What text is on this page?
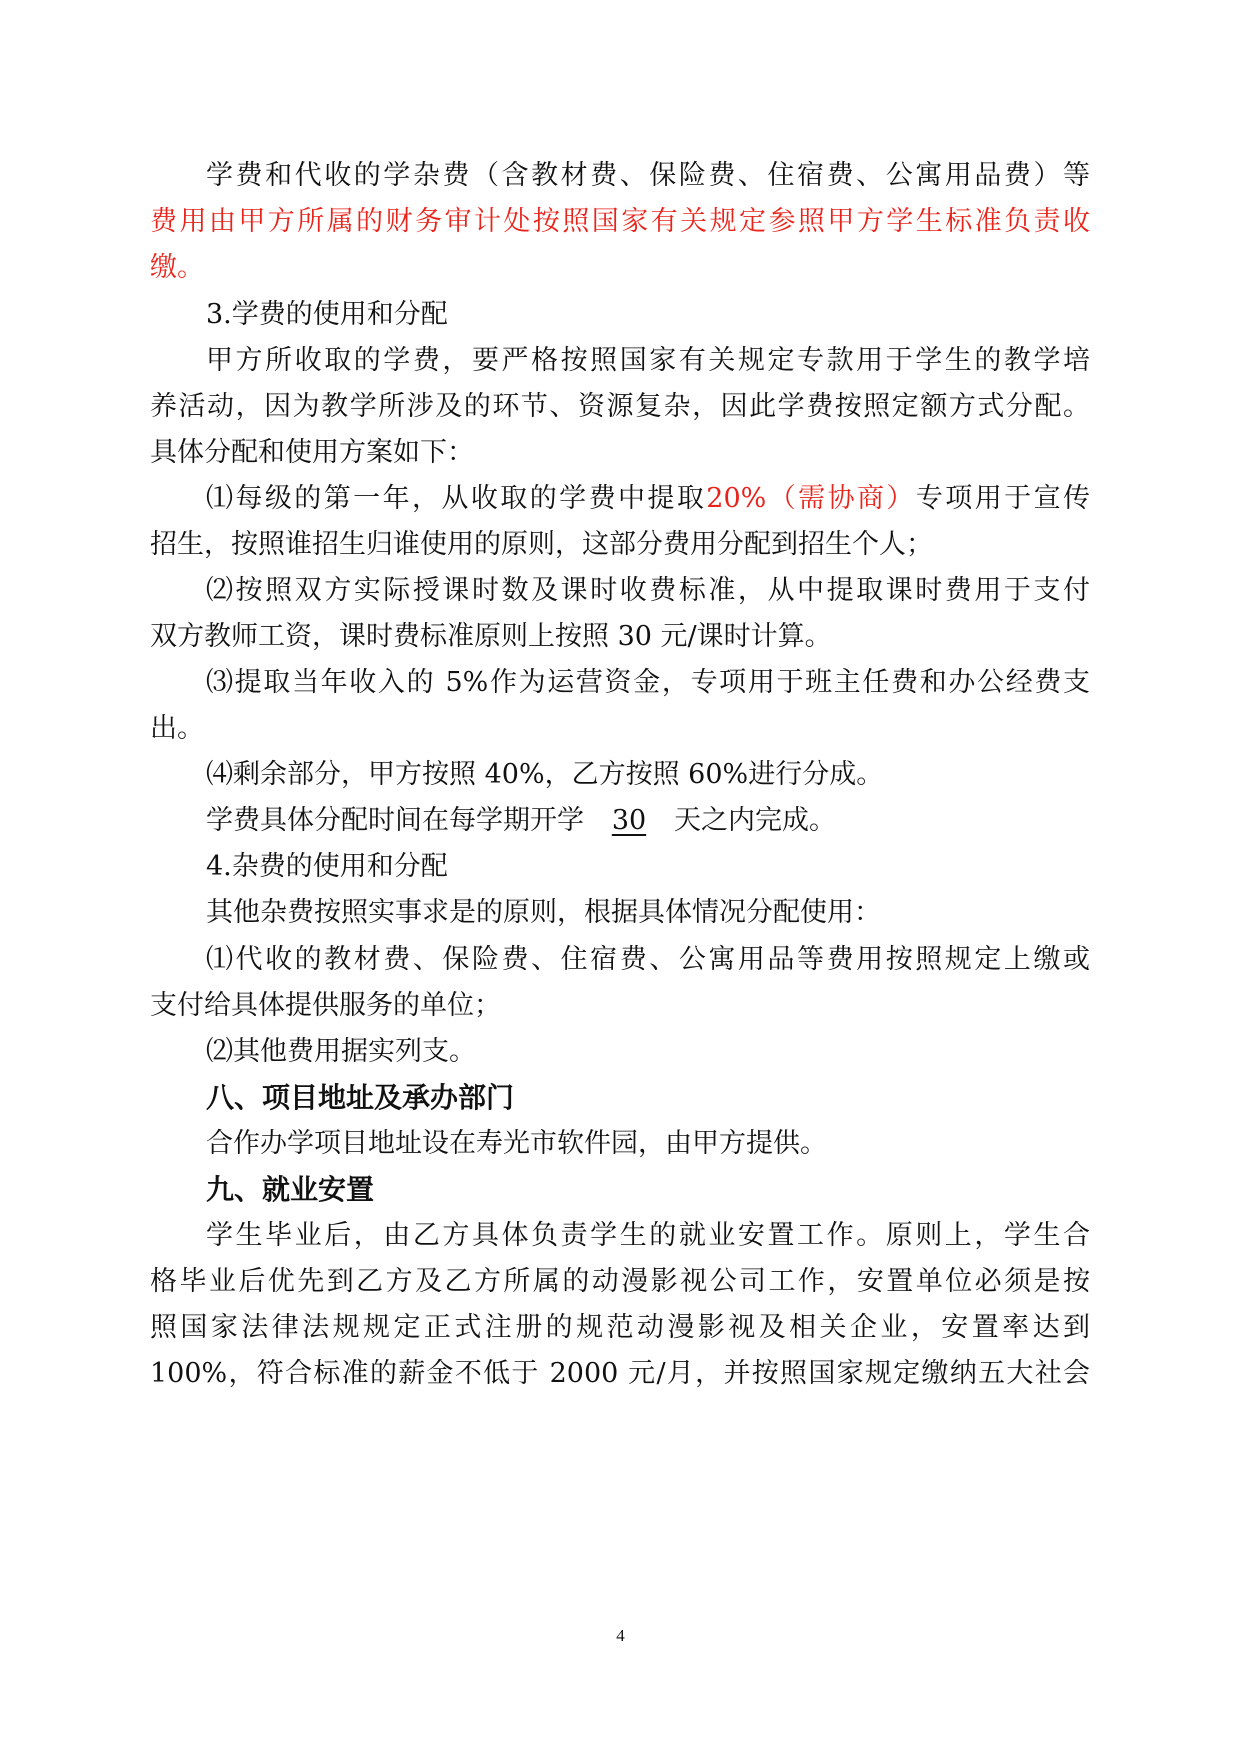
学费和代收的学杂费（含教材费、保险费、住宿费、公寓用品费）等
费用由甲方所属的财务审计处按照国家有关规定参照甲方学生标准负责收
缴。
3.学费的使用和分配
甲方所收取的学费，要严格按照国家有关规定专款用于学生的教学培
养活动，因为教学所涉及的环节、资源复杂，因此学费按照定额方式分配。
具体分配和使用方案如下：
⑴每级的第一年，从收取的学费中提取20%（需协商）专项用于宣传
招生，按照谁招生归谁使用的原则，这部分费用分配到招生个人；
⑵按照双方实际授课时数及课时收费标准，从中提取课时费用于支付
双方教师工资，课时费标准原则上按照 30 元/课时计算。
⑶提取当年收入的 5%作为运营资金，专项用于班主任费和办公经费支
出。
⑷剩余部分，甲方按照 40%，乙方按照 60%进行分成。
学费具体分配时间在每学期开学 30 天之内完成。
4.杂费的使用和分配
其他杂费按照实事求是的原则，根据具体情况分配使用：
⑴代收的教材费、保险费、住宿费、公寓用品等费用按照规定上缴或
支付给具体提供服务的单位；
⑵其他费用据实列支。
八、项目地址及承办部门
合作办学项目地址设在寿光市软件园，由甲方提供。
九、就业安置
学生毕业后，由乙方具体负责学生的就业安置工作。原则上，学生合
格毕业后优先到乙方及乙方所属的动漫影视公司工作，安置单位必须是按
照国家法律法规规定正式注册的规范动漫影视及相关企业，安置率达到
100%，符合标准的薪金不低于 2000 元/月，并按照国家规定缴纳五大社会
4
